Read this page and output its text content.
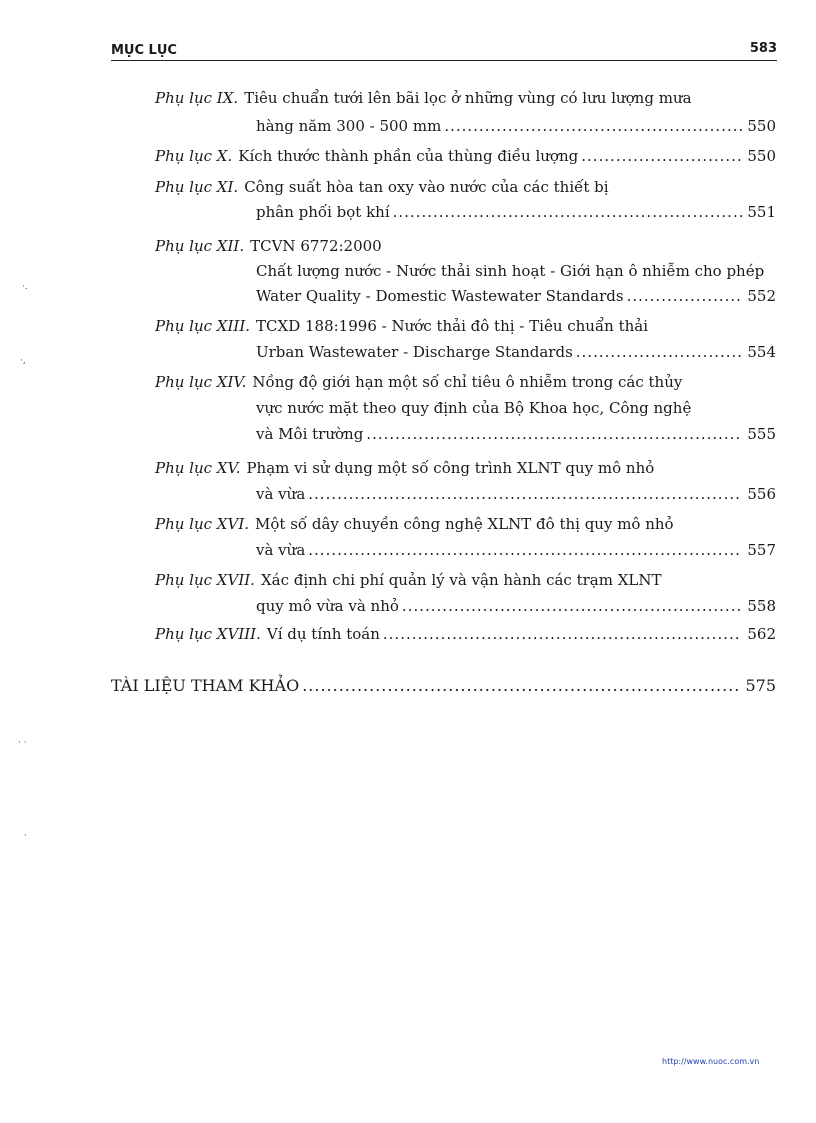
MỤC LỤC	583
Phụ lục IX. Tiêu chuẩn tưới lên bãi lọc ở những vùng có lưu lượng mưa
hàng năm 300 - 500 mm .....	550
Phụ lục X. Kích thước thành phần của thùng điều lượng .....	550
Phụ lục XI. Công suất hòa tan oxy vào nước của các thiết bị
phân phối bọt khí .....	551
Phụ lục XII. TCVN 6772:2000
Chất lượng nước - Nước thải sinh hoạt - Giới hạn ô nhiễm cho phép
Water Quality - Domestic Wastewater Standards .....	552
Phụ lục XIII. TCXD 188:1996 - Nước thải đô thị - Tiêu chuẩn thải
Urban Wastewater - Discharge Standards .....	554
Phụ lục XIV. Nồng độ giới hạn một số chỉ tiêu ô nhiễm trong các thủy
vực nước mặt theo quy định của Bộ Khoa học, Công nghệ
và Môi trường .....	555
Phụ lục XV. Phạm vi sử dụng một số công trình XLNT quy mô nhỏ
và vừa .....	556
Phụ lục XVI. Một số dây chuyền công nghệ XLNT đô thị quy mô nhỏ
và vừa .....	557
Phụ lục XVII. Xác định chi phí quản lý và vận hành các trạm XLNT
quy mô vừa và nhỏ .....	558
Phụ lục XVIII. Ví dụ tính toán .....	562
TÀI LIỆU THAM KHẢO .....	575
·.
·,
· ·
·
http://www.nuoc.com.vn
